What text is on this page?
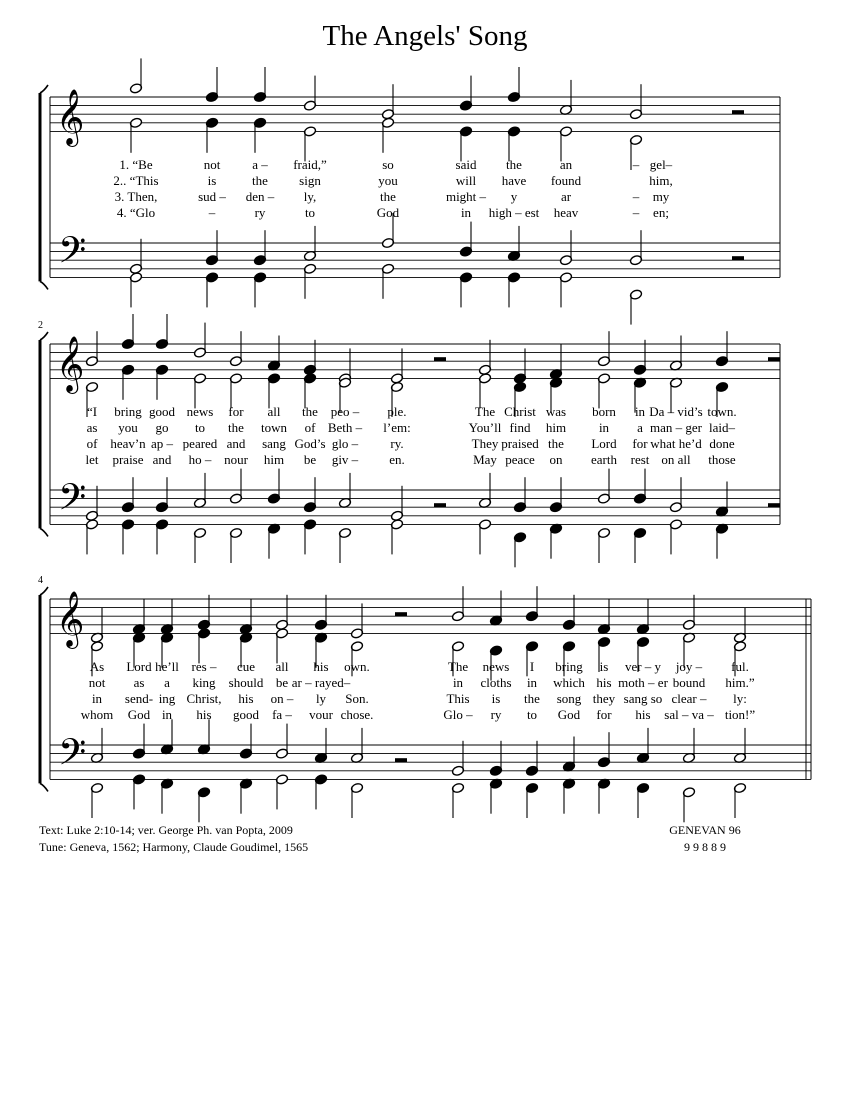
The Angels' Song
𝄞
𝄢
1. “Be	not a – fraid,”	so	said the	an	– gel–
2.. “This	is	the sign	you	will have found	him,
3. Then,	sud – den – ly,	the	might – y	ar	– my
4. “Glo	–	ry	to	God	in high – est heav	– en;
𝄞
𝄢
2
“I bring good news for all the peo – ple.	The Christ was born in Da – vid’s town.
as you go to the town of Beth – l’em:	You’ll find him	in a man – ger laid–
of heav’n ap – peared and sang God’s glo – ry.	They praised the Lord for what he’d done
let praise and ho – nour him be giv – en.	May peace on earth rest on all those
𝄞
𝄢
4
As Lord he’ll res – cue all his own.	The news I bring is ver – y joy – ful.
not as a king should be ar – rayed–	in cloths in which his moth – er bound him.”
in send- ing Christ, his on – ly Son.	This is the song they sang so clear – ly:
whom God in his good fa – vour chose.	Glo – ry to God for his sal – va – tion!”
Text: Luke 2:10-14; ver. George Ph. van Popta, 2009
Tune: Geneva, 1562; Harmony, Claude Goudimel, 1565
GENEVAN 96
9 9 8 8 9
